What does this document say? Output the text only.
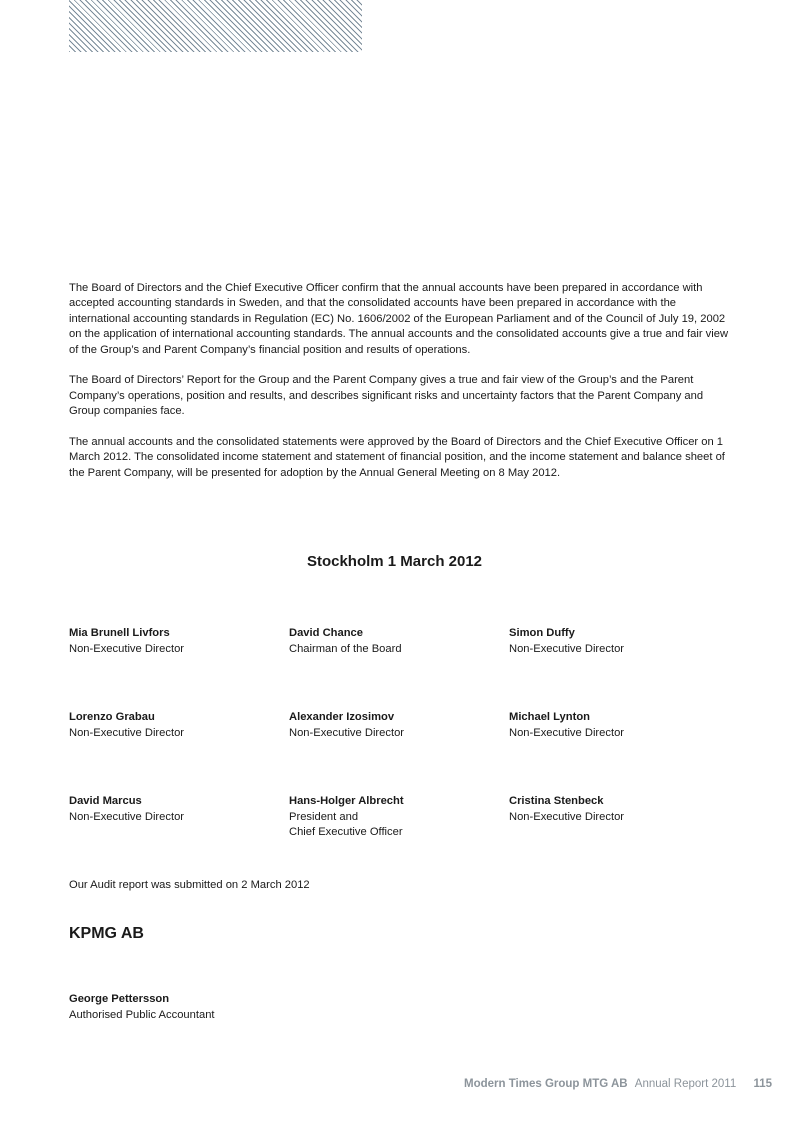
The Board of Directors and the Chief Executive Officer confirm that the annual accounts have been prepared in accordance with accepted accounting standards in Sweden, and that the consolidated accounts have been prepared in accordance with the international accounting standards in Regulation (EC) No. 1606/2002 of the European Parliament and of the Council of July 19, 2002 on the application of international accounting standards. The annual accounts and the consolidated accounts give a true and fair view of the Group’s and Parent Company’s financial position and results of operations.

The Board of Directors’ Report for the Group and the Parent Company gives a true and fair view of the Group’s and the Parent Company’s operations, position and results, and describes significant risks and uncertainty factors that the Parent Company and Group companies face.

The annual accounts and the consolidated statements were approved by the Board of Directors and the Chief Executive Officer on 1 March 2012. The consolidated income statement and statement of financial position, and the income statement and balance sheet of the Parent Company, will be presented for adoption by the Annual General Meeting on 8 May 2012.

Stockholm 1 March 2012
Mia Brunell Livfors
Non-Executive Director
David Chance
Chairman of the Board
Simon Duffy
Non-Executive Director
Lorenzo Grabau
Non-Executive Director
Alexander Izosimov
Non-Executive Director
Michael Lynton
Non-Executive Director
David Marcus
Non-Executive Director
Hans-Holger Albrecht
President and
Chief Executive Officer
Cristina Stenbeck
Non-Executive Director
Our Audit report was submitted on 2 March 2012
KPMG AB
George Pettersson
Authorised Public Accountant
Modern Times Group MTG AB Annual Report 2011 115
